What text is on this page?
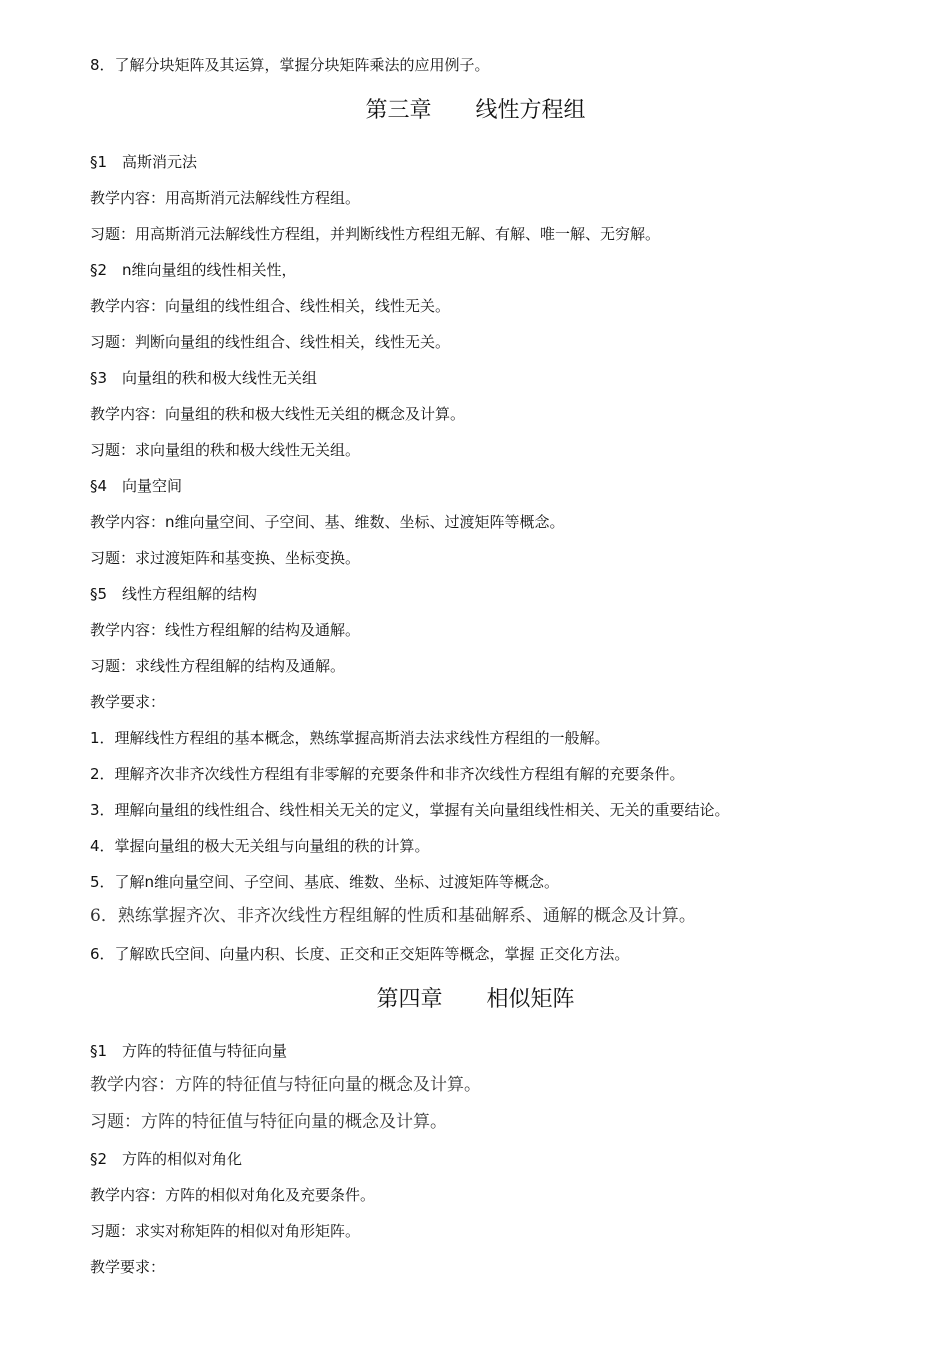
8．了解分块矩阵及其运算，掌握分块矩阵乘法的应用例子。
第三章　　线性方程组
§1　高斯消元法
教学内容：用高斯消元法解线性方程组。
习题：用高斯消元法解线性方程组，并判断线性方程组无解、有解、唯一解、无穷解。
§2　n维向量组的线性相关性，
教学内容：向量组的线性组合、线性相关，线性无关。
习题：判断向量组的线性组合、线性相关，线性无关。
§3　向量组的秩和极大线性无关组
教学内容：向量组的秩和极大线性无关组的概念及计算。
习题：求向量组的秩和极大线性无关组。
§4　向量空间
教学内容：n维向量空间、子空间、基、维数、坐标、过渡矩阵等概念。
习题：求过渡矩阵和基变换、坐标变换。
§5　线性方程组解的结构
教学内容：线性方程组解的结构及通解。
习题：求线性方程组解的结构及通解。
教学要求：
1．理解线性方程组的基本概念，熟练掌握高斯消去法求线性方程组的一般解。
2．理解齐次非齐次线性方程组有非零解的充要条件和非齐次线性方程组有解的充要条件。
3．理解向量组的线性组合、线性相关无关的定义，掌握有关向量组线性相关、无关的重要结论。
4．掌握向量组的极大无关组与向量组的秩的计算。
5．了解n维向量空间、子空间、基底、维数、坐标、过渡矩阵等概念。
6．熟练掌握齐次、非齐次线性方程组解的性质和基础解系、通解的概念及计算。
6．了解欧氏空间、向量内积、长度、正交和正交矩阵等概念，掌握 正交化方法。
第四章　　相似矩阵
§1　方阵的特征值与特征向量
教学内容：方阵的特征值与特征向量的概念及计算。
习题：方阵的特征值与特征向量的概念及计算。
§2　方阵的相似对角化
教学内容：方阵的相似对角化及充要条件。
习题：求实对称矩阵的相似对角形矩阵。
教学要求：
